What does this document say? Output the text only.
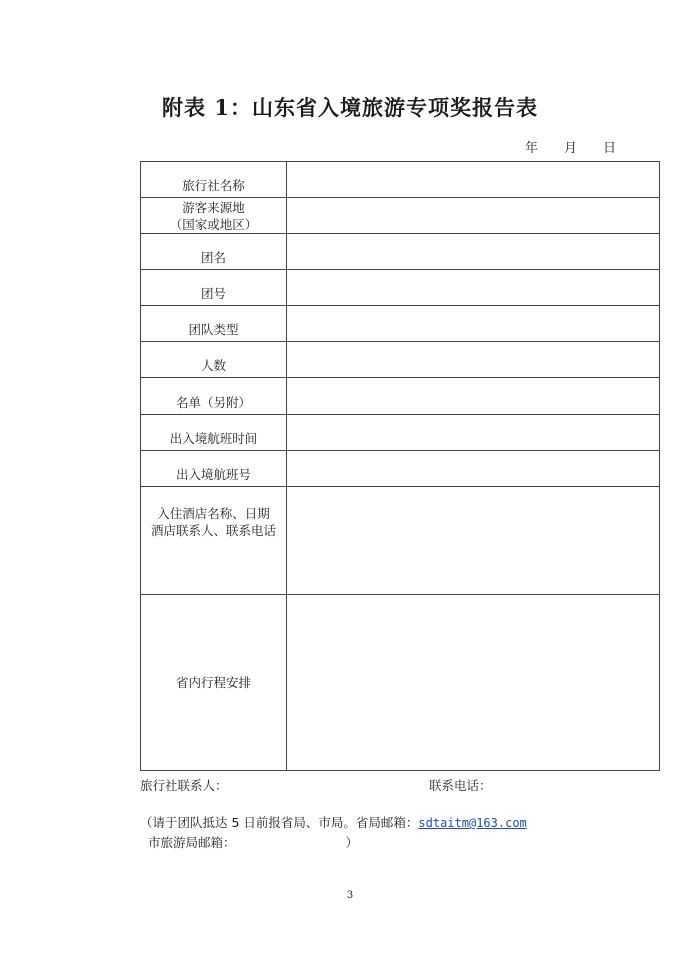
附表 1：山东省入境旅游专项奖报告表
年 月 日
旅行社名称	

游客来源地
（国家或地区）	

团名	
团号	
团队类型	
人数	
名单（另附）	
出入境航班时间	
出入境航班号	

入住酒店名称、日期
酒店联系人、联系电话	

省内行程安排	
旅行社联系人：	联系电话：
（请于团队抵达 5 日前报省局、市局。省局邮箱：sdtaitm@163.com
市旅游局邮箱：	）
3
